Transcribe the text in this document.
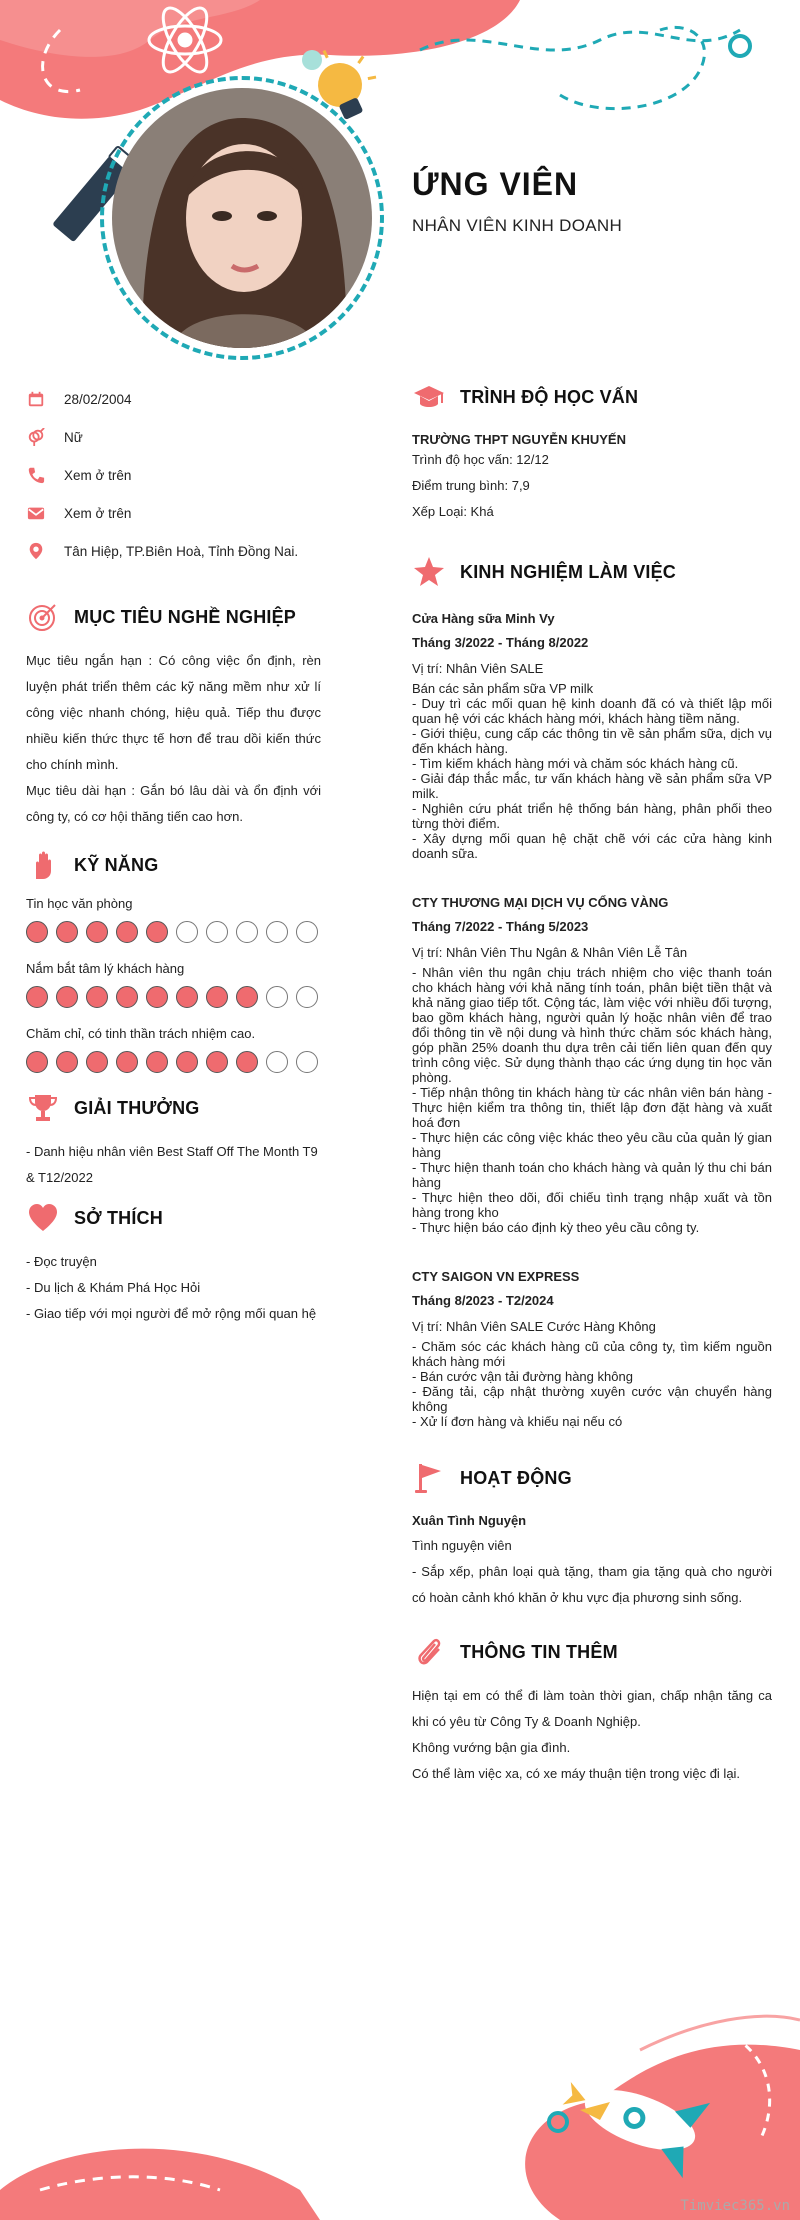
ỨNG VIÊN
NHÂN VIÊN KINH DOANH
28/02/2004
Nữ
Xem ở trên
Xem ở trên
Tân Hiệp, TP.Biên Hoà, Tỉnh Đồng Nai.
MỤC TIÊU NGHỀ NGHIỆP

Mục tiêu ngắn hạn : Có công việc ổn định, rèn luyện phát triển thêm các kỹ năng mềm như xử lí công việc nhanh chóng, hiệu quả. Tiếp thu được nhiều kiến thức thực tế hơn để trau dồi kiến thức cho chính mình.

Mục tiêu dài hạn : Gắn bó lâu dài và ổn định với công ty, có cơ hội thăng tiến cao hơn.

KỸ NĂNG
Tin học văn phòng
Nắm bắt tâm lý khách hàng
Chăm chỉ, có tinh thần trách nhiệm cao.
GIẢI THƯỞNG

- Danh hiệu nhân viên Best Staff Off The Month T9 & T12/2022

SỞ THÍCH

- Đọc truyện

- Du lịch & Khám Phá Học Hỏi

- Giao tiếp với mọi người để mở rộng mối quan hệ

TRÌNH ĐỘ HỌC VẤN

TRƯỜNG THPT NGUYỄN KHUYẾN

Trình độ học vấn: 12/12

Điểm trung bình: 7,9

Xếp Loại: Khá

KINH NGHIỆM LÀM VIỆC

Cửa Hàng sữa Minh Vy

Tháng 3/2022 - Tháng 8/2022

Vị trí: Nhân Viên SALE

Bán các sản phẩm sữa VP milk

- Duy trì các mối quan hệ kinh doanh đã có và thiết lập mối quan hệ với các khách hàng mới, khách hàng tiềm năng.

- Giới thiệu, cung cấp các thông tin về sản phẩm sữa, dịch vụ đến khách hàng.

- Tìm kiếm khách hàng mới và chăm sóc khách hàng cũ.

- Giải đáp thắc mắc, tư vấn khách hàng về sản phẩm sữa VP milk.

- Nghiên cứu phát triển hệ thống bán hàng, phân phối theo từng thời điểm.

- Xây dựng mối quan hệ chặt chẽ với các cửa hàng kinh doanh sữa.

CTY THƯƠNG MẠI DỊCH VỤ CỔNG VÀNG

Tháng 7/2022 - Tháng 5/2023

Vị trí: Nhân Viên Thu Ngân & Nhân Viên Lễ Tân

- Nhân viên thu ngân chịu trách nhiệm cho việc thanh toán cho khách hàng với khả năng tính toán, phân biệt tiền thật và khả năng giao tiếp tốt. Cộng tác, làm việc với nhiều đối tượng, bao gồm khách hàng, người quản lý hoặc nhân viên để trao đổi thông tin về nội dung và hình thức chăm sóc khách hàng, góp phần 25% doanh thu dựa trên cải tiến liên quan đến quy trình công việc. Sử dụng thành thạo các ứng dụng tin học văn phòng.

- Tiếp nhận thông tin khách hàng từ các nhân viên bán hàng - Thực hiện kiểm tra thông tin, thiết lập đơn đặt hàng và xuất hoá đơn

- Thực hiện các công việc khác theo yêu cầu của quản lý gian hàng

- Thực hiện thanh toán cho khách hàng và quản lý thu chi bán hàng

- Thực hiện theo dõi, đối chiếu tình trạng nhập xuất và tồn hàng trong kho

- Thực hiện báo cáo định kỳ theo yêu cầu công ty.

CTY SAIGON VN EXPRESS

Tháng 8/2023 - T2/2024

Vị trí: Nhân Viên SALE Cước Hàng Không

- Chăm sóc các khách hàng cũ của công ty, tìm kiếm nguồn khách hàng mới

- Bán cước vận tải đường hàng không

- Đăng tải, cập nhật thường xuyên cước vận chuyển hàng không

- Xử lí đơn hàng và khiếu nại nếu có

HOẠT ĐỘNG

Xuân Tình Nguyện

Tình nguyện viên

- Sắp xếp, phân loại quà tặng, tham gia tặng quà cho người có hoàn cảnh khó khăn ở khu vực địa phương sinh sống.

THÔNG TIN THÊM

Hiện tại em có thể đi làm toàn thời gian, chấp nhận tăng ca khi có yêu từ Công Ty & Doanh Nghiệp.

Không vướng bận gia đình.

Có thể làm việc xa, có xe máy thuận tiện trong việc đi lại.

Timviec365.vn
